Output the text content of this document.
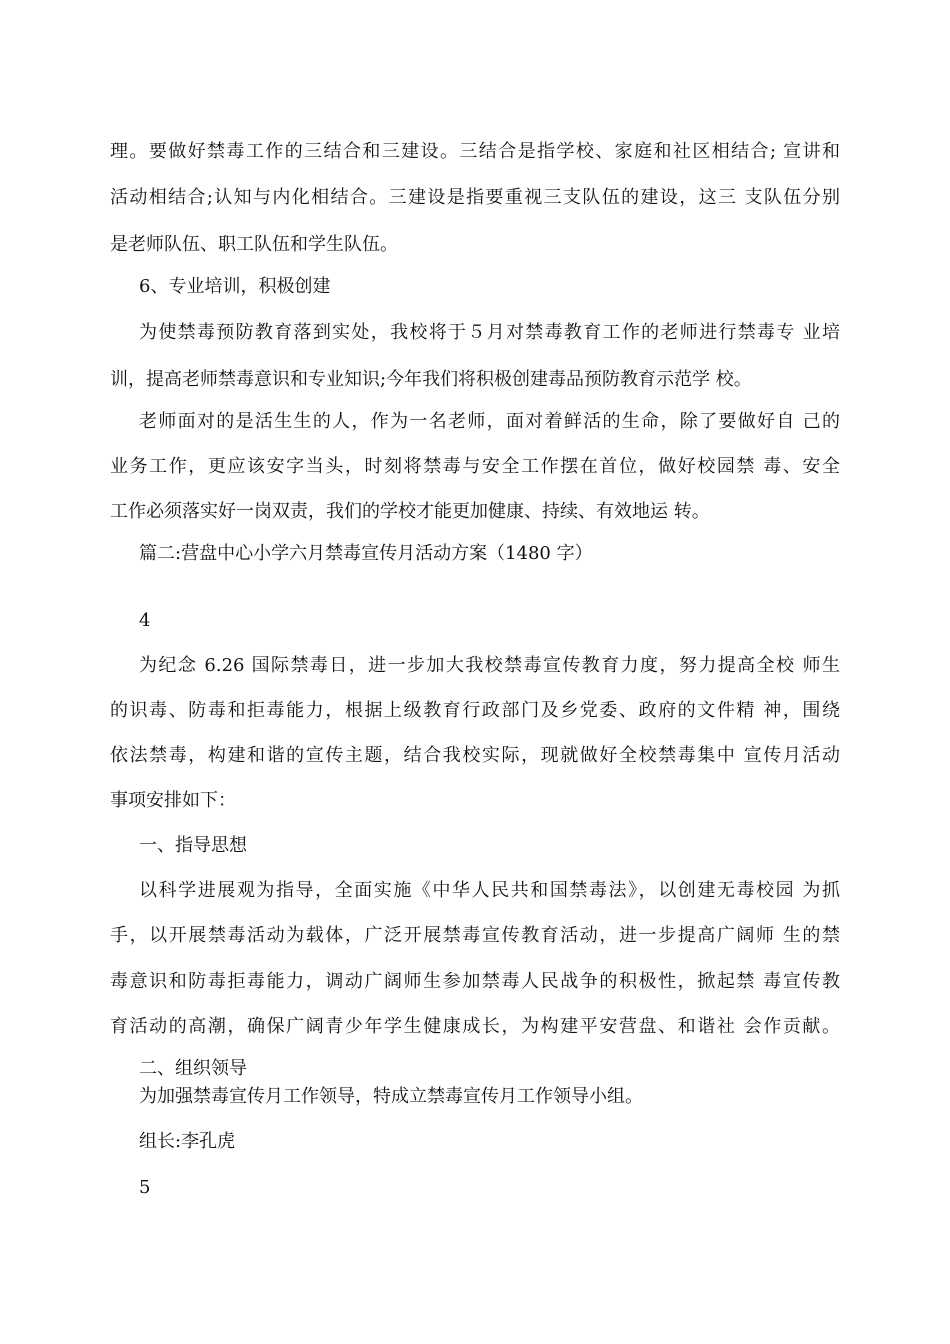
理。要做好禁毒工作的三结合和三建设。三结合是指学校、家庭和社区相结合; 宣讲和
活动相结合;认知与内化相结合。三建设是指要重视三支队伍的建设，这三 支队伍分别
是老师队伍、职工队伍和学生队伍。
6、专业培训，积极创建
为使禁毒预防教育落到实处，我校将于５月对禁毒教育工作的老师进行禁毒专 业培
训，提高老师禁毒意识和专业知识;今年我们将积极创建毒品预防教育示范学 校。
老师面对的是活生生的人，作为一名老师，面对着鲜活的生命，除了要做好自 己的
业务工作，更应该安字当头，时刻将禁毒与安全工作摆在首位，做好校园禁 毒、安全
工作必须落实好一岗双责，我们的学校才能更加健康、持续、有效地运 转。
篇二:营盘中心小学六月禁毒宣传月活动方案（1480 字）
4
为纪念 6.26 国际禁毒日，进一步加大我校禁毒宣传教育力度，努力提高全校 师生
的识毒、防毒和拒毒能力，根据上级教育行政部门及乡党委、政府的文件精 神，围绕
依法禁毒，构建和谐的宣传主题，结合我校实际，现就做好全校禁毒集中 宣传月活动
事项安排如下：
一、指导思想
以科学进展观为指导，全面实施《中华人民共和国禁毒法》，以创建无毒校园 为抓
手，以开展禁毒活动为载体，广泛开展禁毒宣传教育活动，进一步提高广阔师 生的禁
毒意识和防毒拒毒能力，调动广阔师生参加禁毒人民战争的积极性，掀起禁 毒宣传教
育活动的高潮，确保广阔青少年学生健康成长，为构建平安营盘、和谐社 会作贡献。
二、组织领导
为加强禁毒宣传月工作领导，特成立禁毒宣传月工作领导小组。
组长:李孔虎
5
